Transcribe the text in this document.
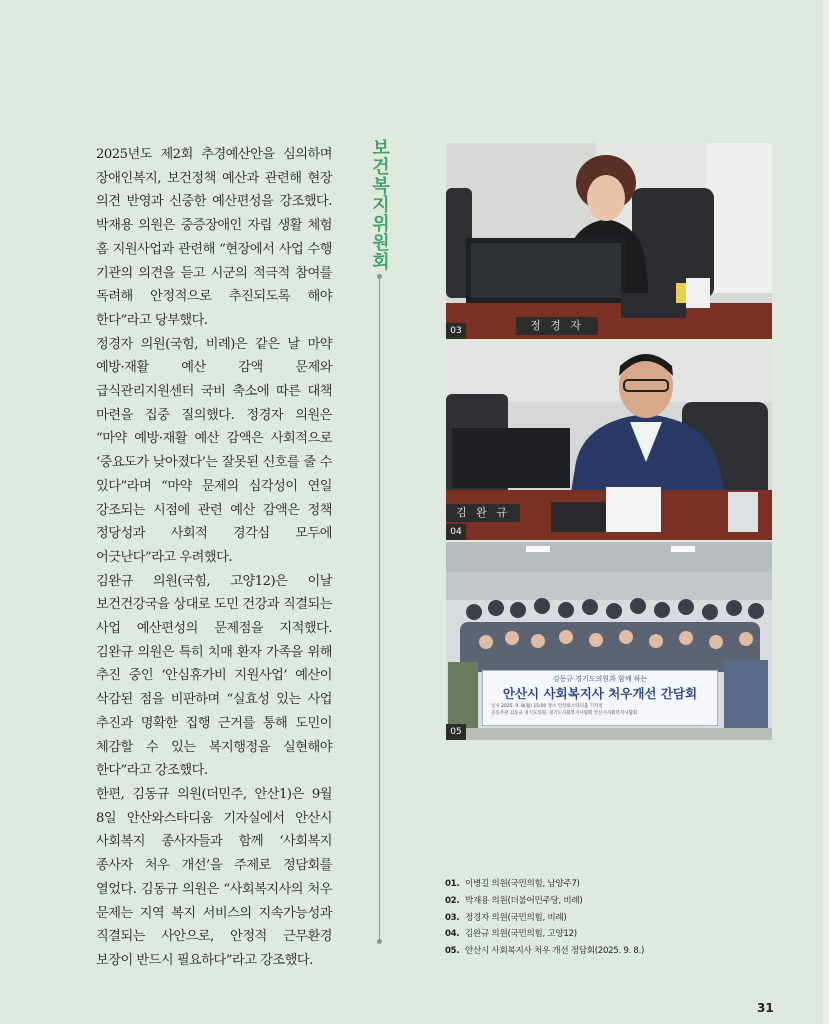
2025년도 제2회 추경예산안을 심의하며 장애인복지, 보건정책 예산과 관련해 현장 의견 반영과 신중한 예산편성을 강조했다. 박재용 의원은 중증장애인 자립 생활 체험 홈 지원사업과 관련해 “현장에서 사업 수행 기관의 의견을 듣고 시군의 적극적 참여를 독려해 안정적으로 추진되도록 해야 한다”라고 당부했다.

정경자 의원(국힘, 비례)은 같은 날 마약 예방·재활 예산 감액 문제와 급식관리지원센터 국비 축소에 따른 대책 마련을 집중 질의했다. 정경자 의원은 “마약 예방·재활 예산 감액은 사회적으로 ‘중요도가 낮아졌다’는 잘못된 신호를 줄 수 있다”라며 “마약 문제의 심각성이 연일 강조되는 시점에 관련 예산 감액은 정책 정당성과 사회적 경각심 모두에 어긋난다”라고 우려했다.

김완규 의원(국힘, 고양12)은 이날 보건건강국을 상대로 도민 건강과 직결되는 사업 예산편성의 문제점을 지적했다. 김완규 의원은 특히 치매 환자 가족을 위해 추진 중인 ‘안심휴가비 지원사업’ 예산이 삭감된 점을 비판하며 “실효성 있는 사업 추진과 명확한 집행 근거를 통해 도민이 체감할 수 있는 복지행정을 실현해야 한다”라고 강조했다.

한편, 김동규 의원(더민주, 안산1)은 9월 8일 안산와스타디움 기자실에서 안산시 사회복지 종사자들과 함께 ‘사회복지 종사자 처우 개선’을 주제로 정담회를 열었다. 김동규 의원은 “사회복지사의 처우 문제는 지역 복지 서비스의 지속가능성과 직결되는 사안으로, 안정적 근무환경 보장이 반드시 필요하다”라고 강조했다.

보건복지위원회
정 경 자
03
김 완 규
04
김동규 경기도의원과 함께 하는
안산시 사회복지사 처우개선 간담회
일시 2025. 9. 8(월) 15:00 장소 안산와스타디움 기자실
공동주관 김동규 경기도의원, 경기도사회복지사협회 안산시사회복지사협회
05
01. 이병길 의원(국민의힘, 남양주7)
02. 박재용 의원(더불어민주당, 비례)
03. 정경자 의원(국민의힘, 비례)
04. 김완규 의원(국민의힘, 고양12)
05. 안산시 사회복지사 처우 개선 정담회(2025. 9. 8.)
31
